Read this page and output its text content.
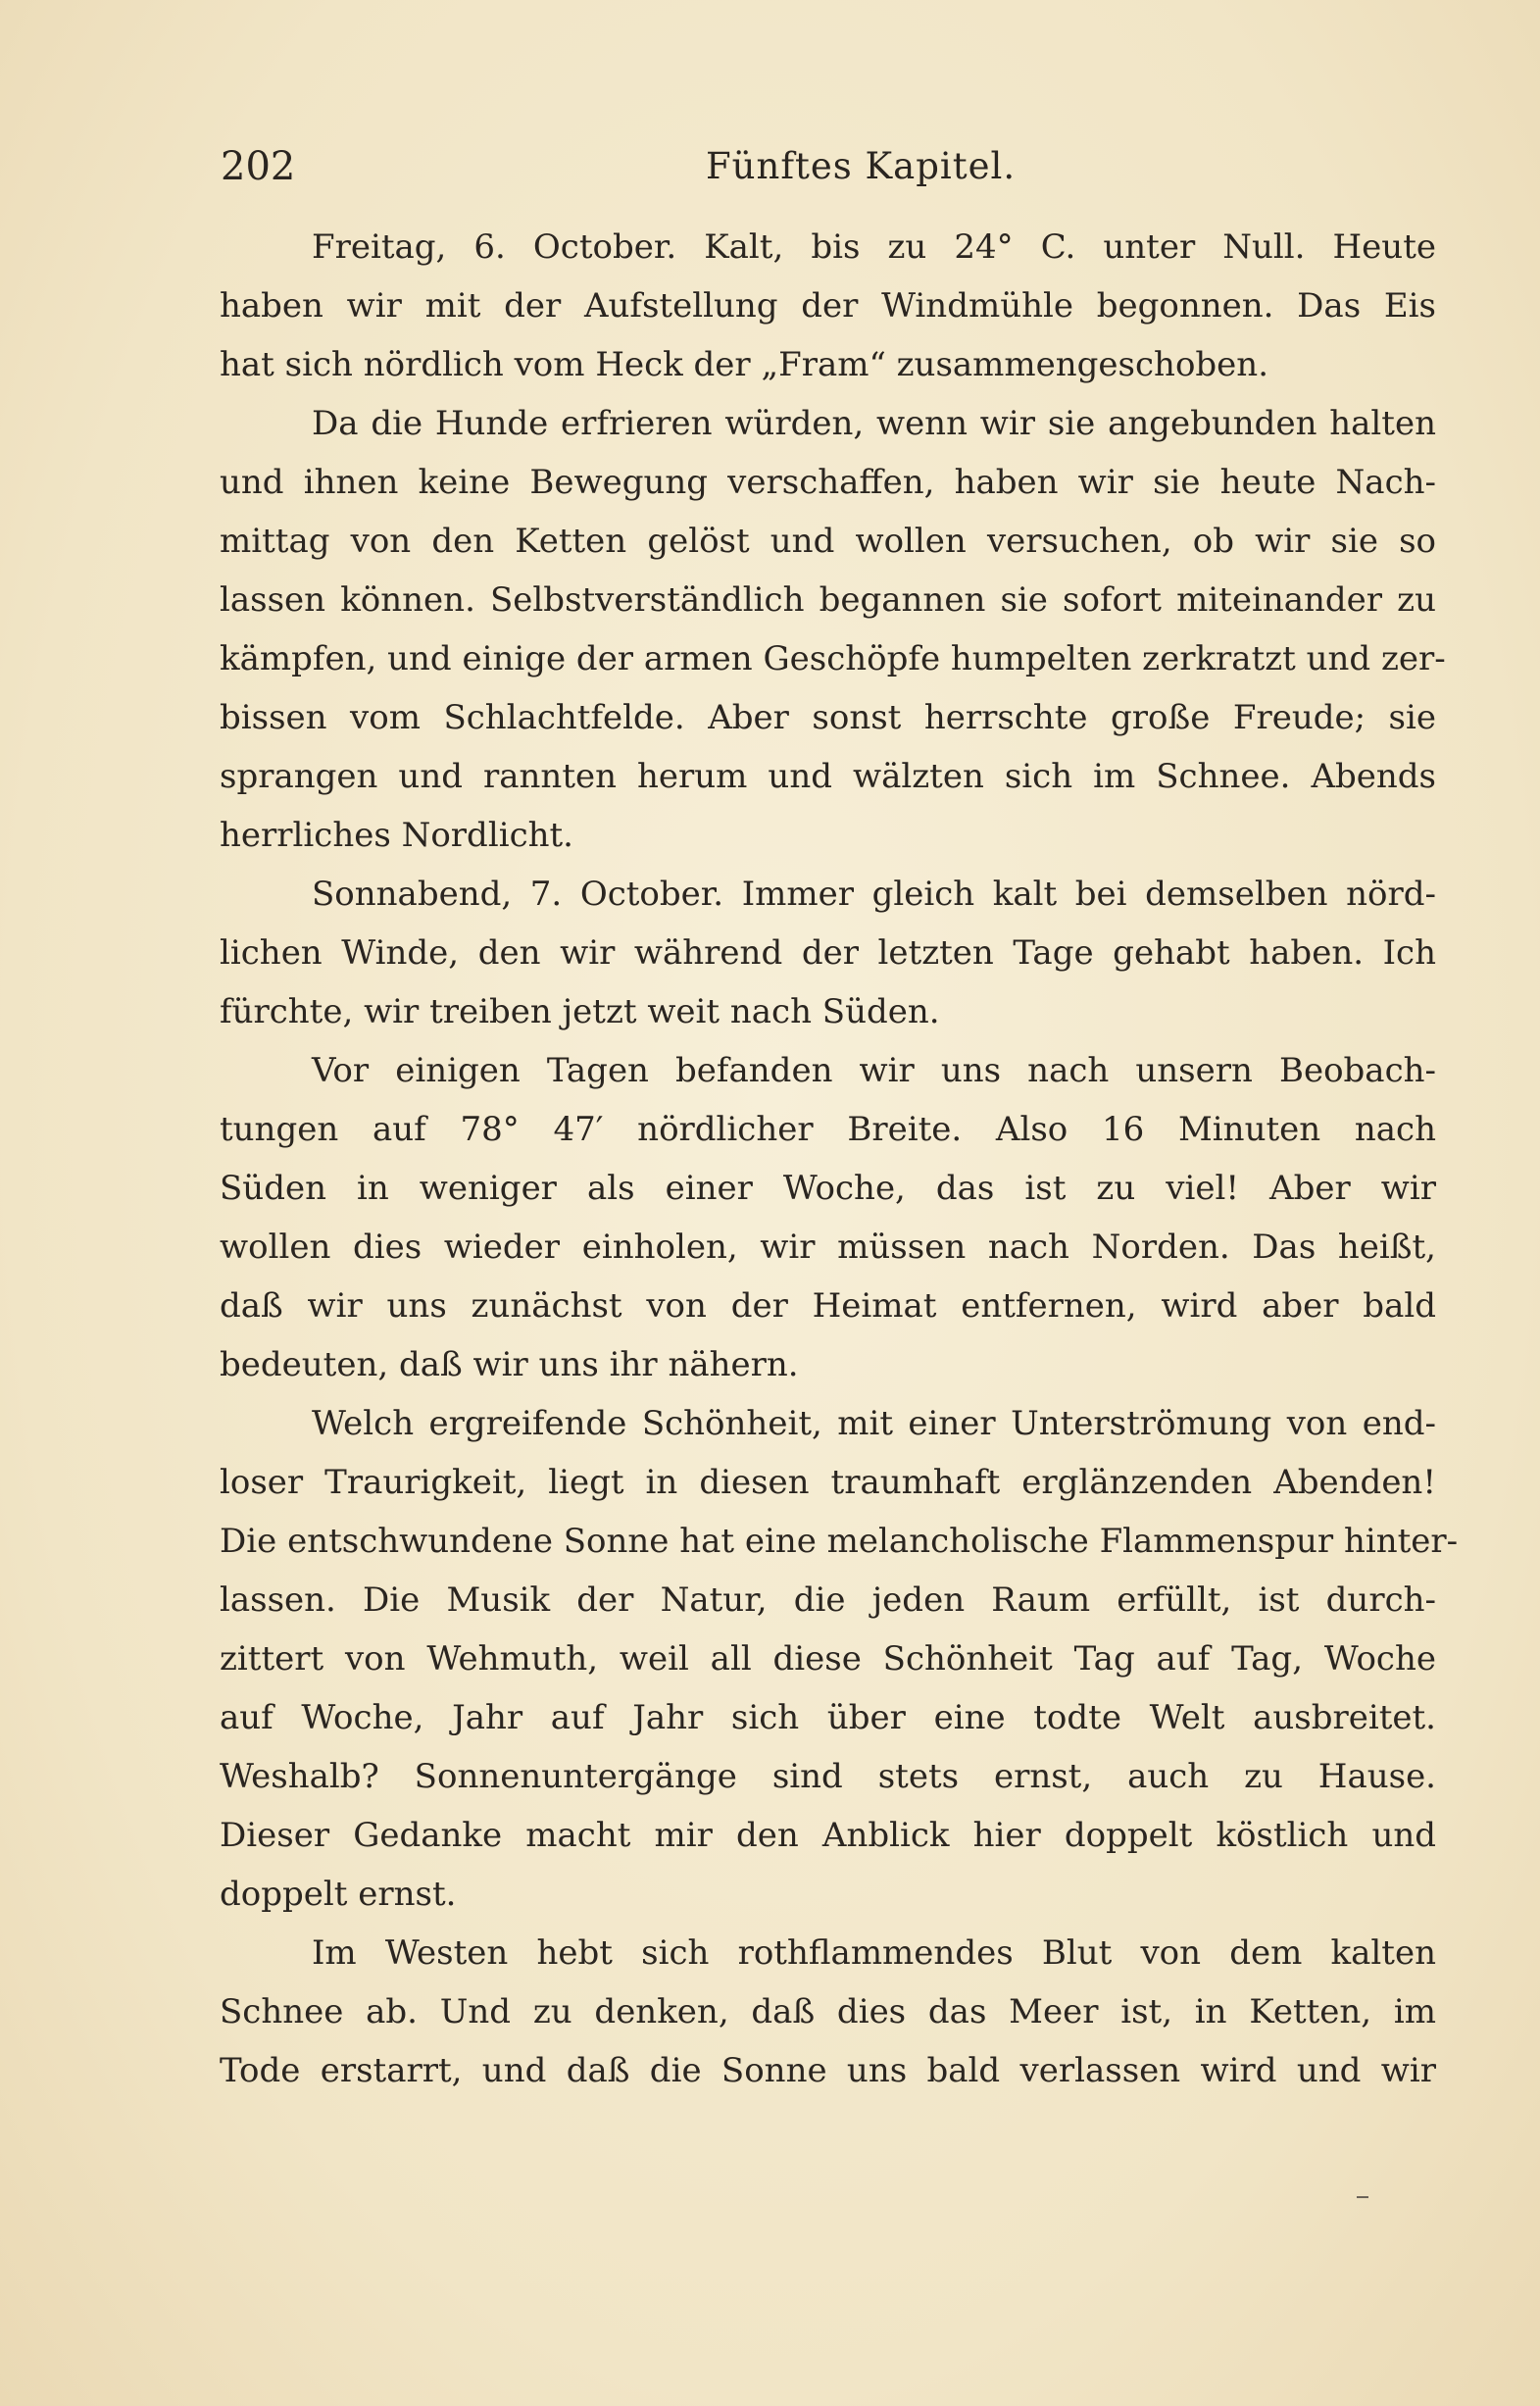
202	Fünftes Kapitel.
Freitag, 6. October. Kalt, bis zu 24° C. unter Null. Heute
haben wir mit der Aufstellung der Windmühle begonnen. Das Eis
hat sich nördlich vom Heck der „Fram“ zusammengeschoben.
Da die Hunde erfrieren würden, wenn wir sie angebunden halten
und ihnen keine Bewegung verschaffen, haben wir sie heute Nach-
mittag von den Ketten gelöst und wollen versuchen, ob wir sie so
lassen können. Selbstverständlich begannen sie sofort miteinander zu
kämpfen, und einige der armen Geschöpfe humpelten zerkratzt und zer-
bissen vom Schlachtfelde. Aber sonst herrschte große Freude; sie
sprangen und rannten herum und wälzten sich im Schnee. Abends
herrliches Nordlicht.
Sonnabend, 7. October. Immer gleich kalt bei demselben nörd-
lichen Winde, den wir während der letzten Tage gehabt haben. Ich
fürchte, wir treiben jetzt weit nach Süden.
Vor einigen Tagen befanden wir uns nach unsern Beobach-
tungen auf 78° 47′ nördlicher Breite. Also 16 Minuten nach
Süden in weniger als einer Woche, das ist zu viel! Aber wir
wollen dies wieder einholen, wir müssen nach Norden. Das heißt,
daß wir uns zunächst von der Heimat entfernen, wird aber bald
bedeuten, daß wir uns ihr nähern.
Welch ergreifende Schönheit, mit einer Unterströmung von end-
loser Traurigkeit, liegt in diesen traumhaft erglänzenden Abenden!
Die entschwundene Sonne hat eine melancholische Flammenspur hinter-
lassen. Die Musik der Natur, die jeden Raum erfüllt, ist durch-
zittert von Wehmuth, weil all diese Schönheit Tag auf Tag, Woche
auf Woche, Jahr auf Jahr sich über eine todte Welt ausbreitet.
Weshalb? Sonnenuntergänge sind stets ernst, auch zu Hause.
Dieser Gedanke macht mir den Anblick hier doppelt köstlich und
doppelt ernst.
Im Westen hebt sich rothflammendes Blut von dem kalten
Schnee ab. Und zu denken, daß dies das Meer ist, in Ketten, im
Tode erstarrt, und daß die Sonne uns bald verlassen wird und wir
